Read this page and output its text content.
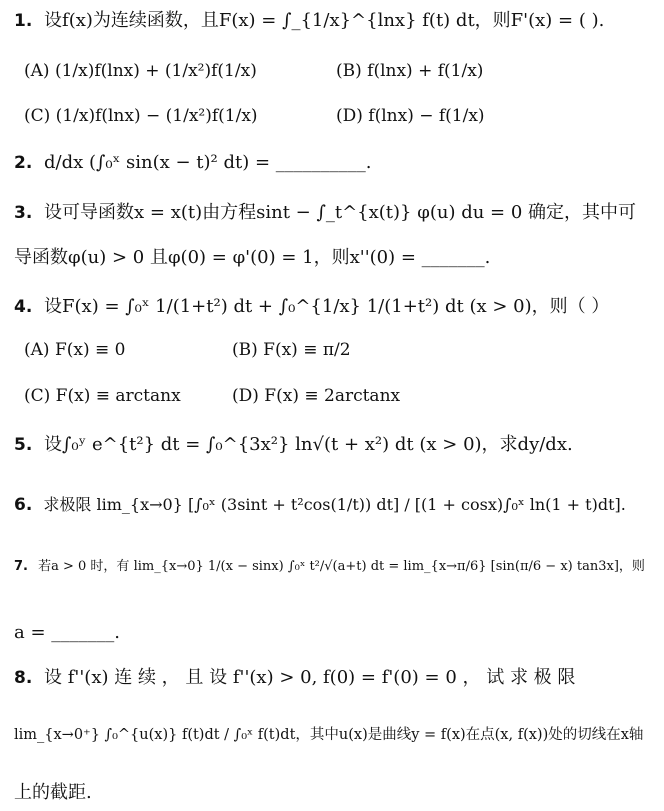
1. 设f(x)为连续函数，且F(x) = ∫_{1/x}^{lnx} f(t) dt，则F'(x) = ( ).
(A) (1/x)f(lnx) + (1/x²)f(1/x)	(B) f(lnx) + f(1/x)
(C) (1/x)f(lnx) − (1/x²)f(1/x)	(D) f(lnx) − f(1/x)
2. d/dx (∫₀ˣ sin(x − t)² dt) = __________.
3. 设可导函数x = x(t)由方程sint − ∫_t^{x(t)} φ(u) du = 0 确定，其中可
导函数φ(u) > 0 且φ(0) = φ'(0) = 1，则x''(0) = _______.
4. 设F(x) = ∫₀ˣ 1/(1+t²) dt + ∫₀^{1/x} 1/(1+t²) dt (x > 0)，则（ ）
(A) F(x) ≡ 0	(B) F(x) ≡ π/2
(C) F(x) ≡ arctanx	(D) F(x) ≡ 2arctanx
5. 设∫₀ʸ e^{t²} dt = ∫₀^{3x²} ln√(t + x²) dt (x > 0)，求dy/dx.
6. 求极限 lim_{x→0} [∫₀ˣ (3sint + t²cos(1/t)) dt] / [(1 + cosx)∫₀ˣ ln(1 + t)dt].
7. 若a > 0 时，有 lim_{x→0} 1/(x − sinx) ∫₀ˣ t²/√(a+t) dt = lim_{x→π/6} [sin(π/6 − x) tan3x]，则
a = _______.
8. 设 f''(x) 连 续 ， 且 设 f''(x) > 0, f(0) = f'(0) = 0 ， 试 求 极 限
lim_{x→0⁺} ∫₀^{u(x)} f(t)dt / ∫₀ˣ f(t)dt，其中u(x)是曲线y = f(x)在点(x, f(x))处的切线在x轴
上的截距.
